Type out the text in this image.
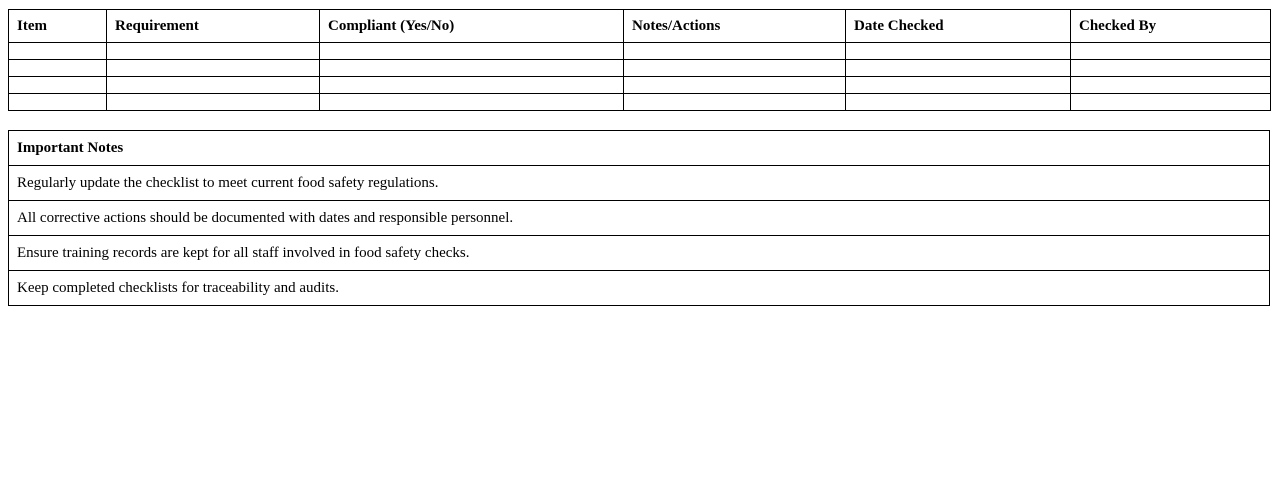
Item	Requirement	Compliant (Yes/No)	Notes/Actions	Date Checked	Checked By

Important Notes
Regularly update the checklist to meet current food safety regulations.
All corrective actions should be documented with dates and responsible personnel.
Ensure training records are kept for all staff involved in food safety checks.
Keep completed checklists for traceability and audits.
